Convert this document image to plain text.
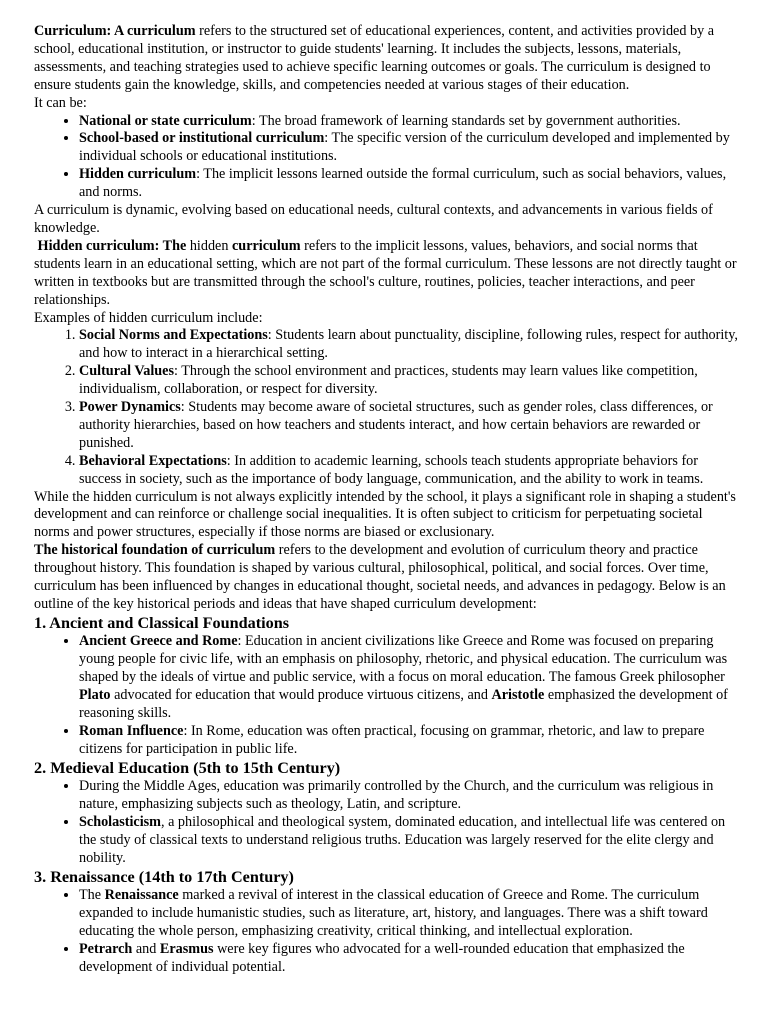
Curriculum: A curriculum refers to the structured set of educational experiences, content, and activities provided by a school, educational institution, or instructor to guide students' learning. It includes the subjects, lessons, materials, assessments, and teaching strategies used to achieve specific learning outcomes or goals. The curriculum is designed to ensure students gain the knowledge, skills, and competencies needed at various stages of their education.

It can be:

• National or state curriculum: The broad framework of learning standards set by government authorities.
• School-based or institutional curriculum: The specific version of the curriculum developed and implemented by individual schools or educational institutions.
• Hidden curriculum: The implicit lessons learned outside the formal curriculum, such as social behaviors, values, and norms.

A curriculum is dynamic, evolving based on educational needs, cultural contexts, and advancements in various fields of knowledge.

Hidden curriculum: The hidden curriculum refers to the implicit lessons, values, behaviors, and social norms that students learn in an educational setting, which are not part of the formal curriculum. These lessons are not directly taught or written in textbooks but are transmitted through the school's culture, routines, policies, teacher interactions, and peer relationships.

Examples of hidden curriculum include:

1. Social Norms and Expectations: Students learn about punctuality, discipline, following rules, respect for authority, and how to interact in a hierarchical setting.
2. Cultural Values: Through the school environment and practices, students may learn values like competition, individualism, collaboration, or respect for diversity.
3. Power Dynamics: Students may become aware of societal structures, such as gender roles, class differences, or authority hierarchies, based on how teachers and students interact, and how certain behaviors are rewarded or punished.
4. Behavioral Expectations: In addition to academic learning, schools teach students appropriate behaviors for success in society, such as the importance of body language, communication, and the ability to work in teams.

While the hidden curriculum is not always explicitly intended by the school, it plays a significant role in shaping a student's development and can reinforce or challenge social inequalities. It is often subject to criticism for perpetuating societal norms and power structures, especially if those norms are biased or exclusionary.

The historical foundation of curriculum refers to the development and evolution of curriculum theory and practice throughout history. This foundation is shaped by various cultural, philosophical, political, and social forces. Over time, curriculum has been influenced by changes in educational thought, societal needs, and advances in pedagogy. Below is an outline of the key historical periods and ideas that have shaped curriculum development:

1. Ancient and Classical Foundations
• Ancient Greece and Rome: Education in ancient civilizations like Greece and Rome was focused on preparing young people for civic life, with an emphasis on philosophy, rhetoric, and physical education. The curriculum was shaped by the ideals of virtue and public service, with a focus on moral education. The famous Greek philosopher Plato advocated for education that would produce virtuous citizens, and Aristotle emphasized the development of reasoning skills.
• Roman Influence: In Rome, education was often practical, focusing on grammar, rhetoric, and law to prepare citizens for participation in public life.
2. Medieval Education (5th to 15th Century)
• During the Middle Ages, education was primarily controlled by the Church, and the curriculum was religious in nature, emphasizing subjects such as theology, Latin, and scripture.
• Scholasticism, a philosophical and theological system, dominated education, and intellectual life was centered on the study of classical texts to understand religious truths. Education was largely reserved for the elite clergy and nobility.
3. Renaissance (14th to 17th Century)
• The Renaissance marked a revival of interest in the classical education of Greece and Rome. The curriculum expanded to include humanistic studies, such as literature, art, history, and languages. There was a shift toward educating the whole person, emphasizing creativity, critical thinking, and intellectual exploration.
• Petrarch and Erasmus were key figures who advocated for a well-rounded education that emphasized the development of individual potential.
